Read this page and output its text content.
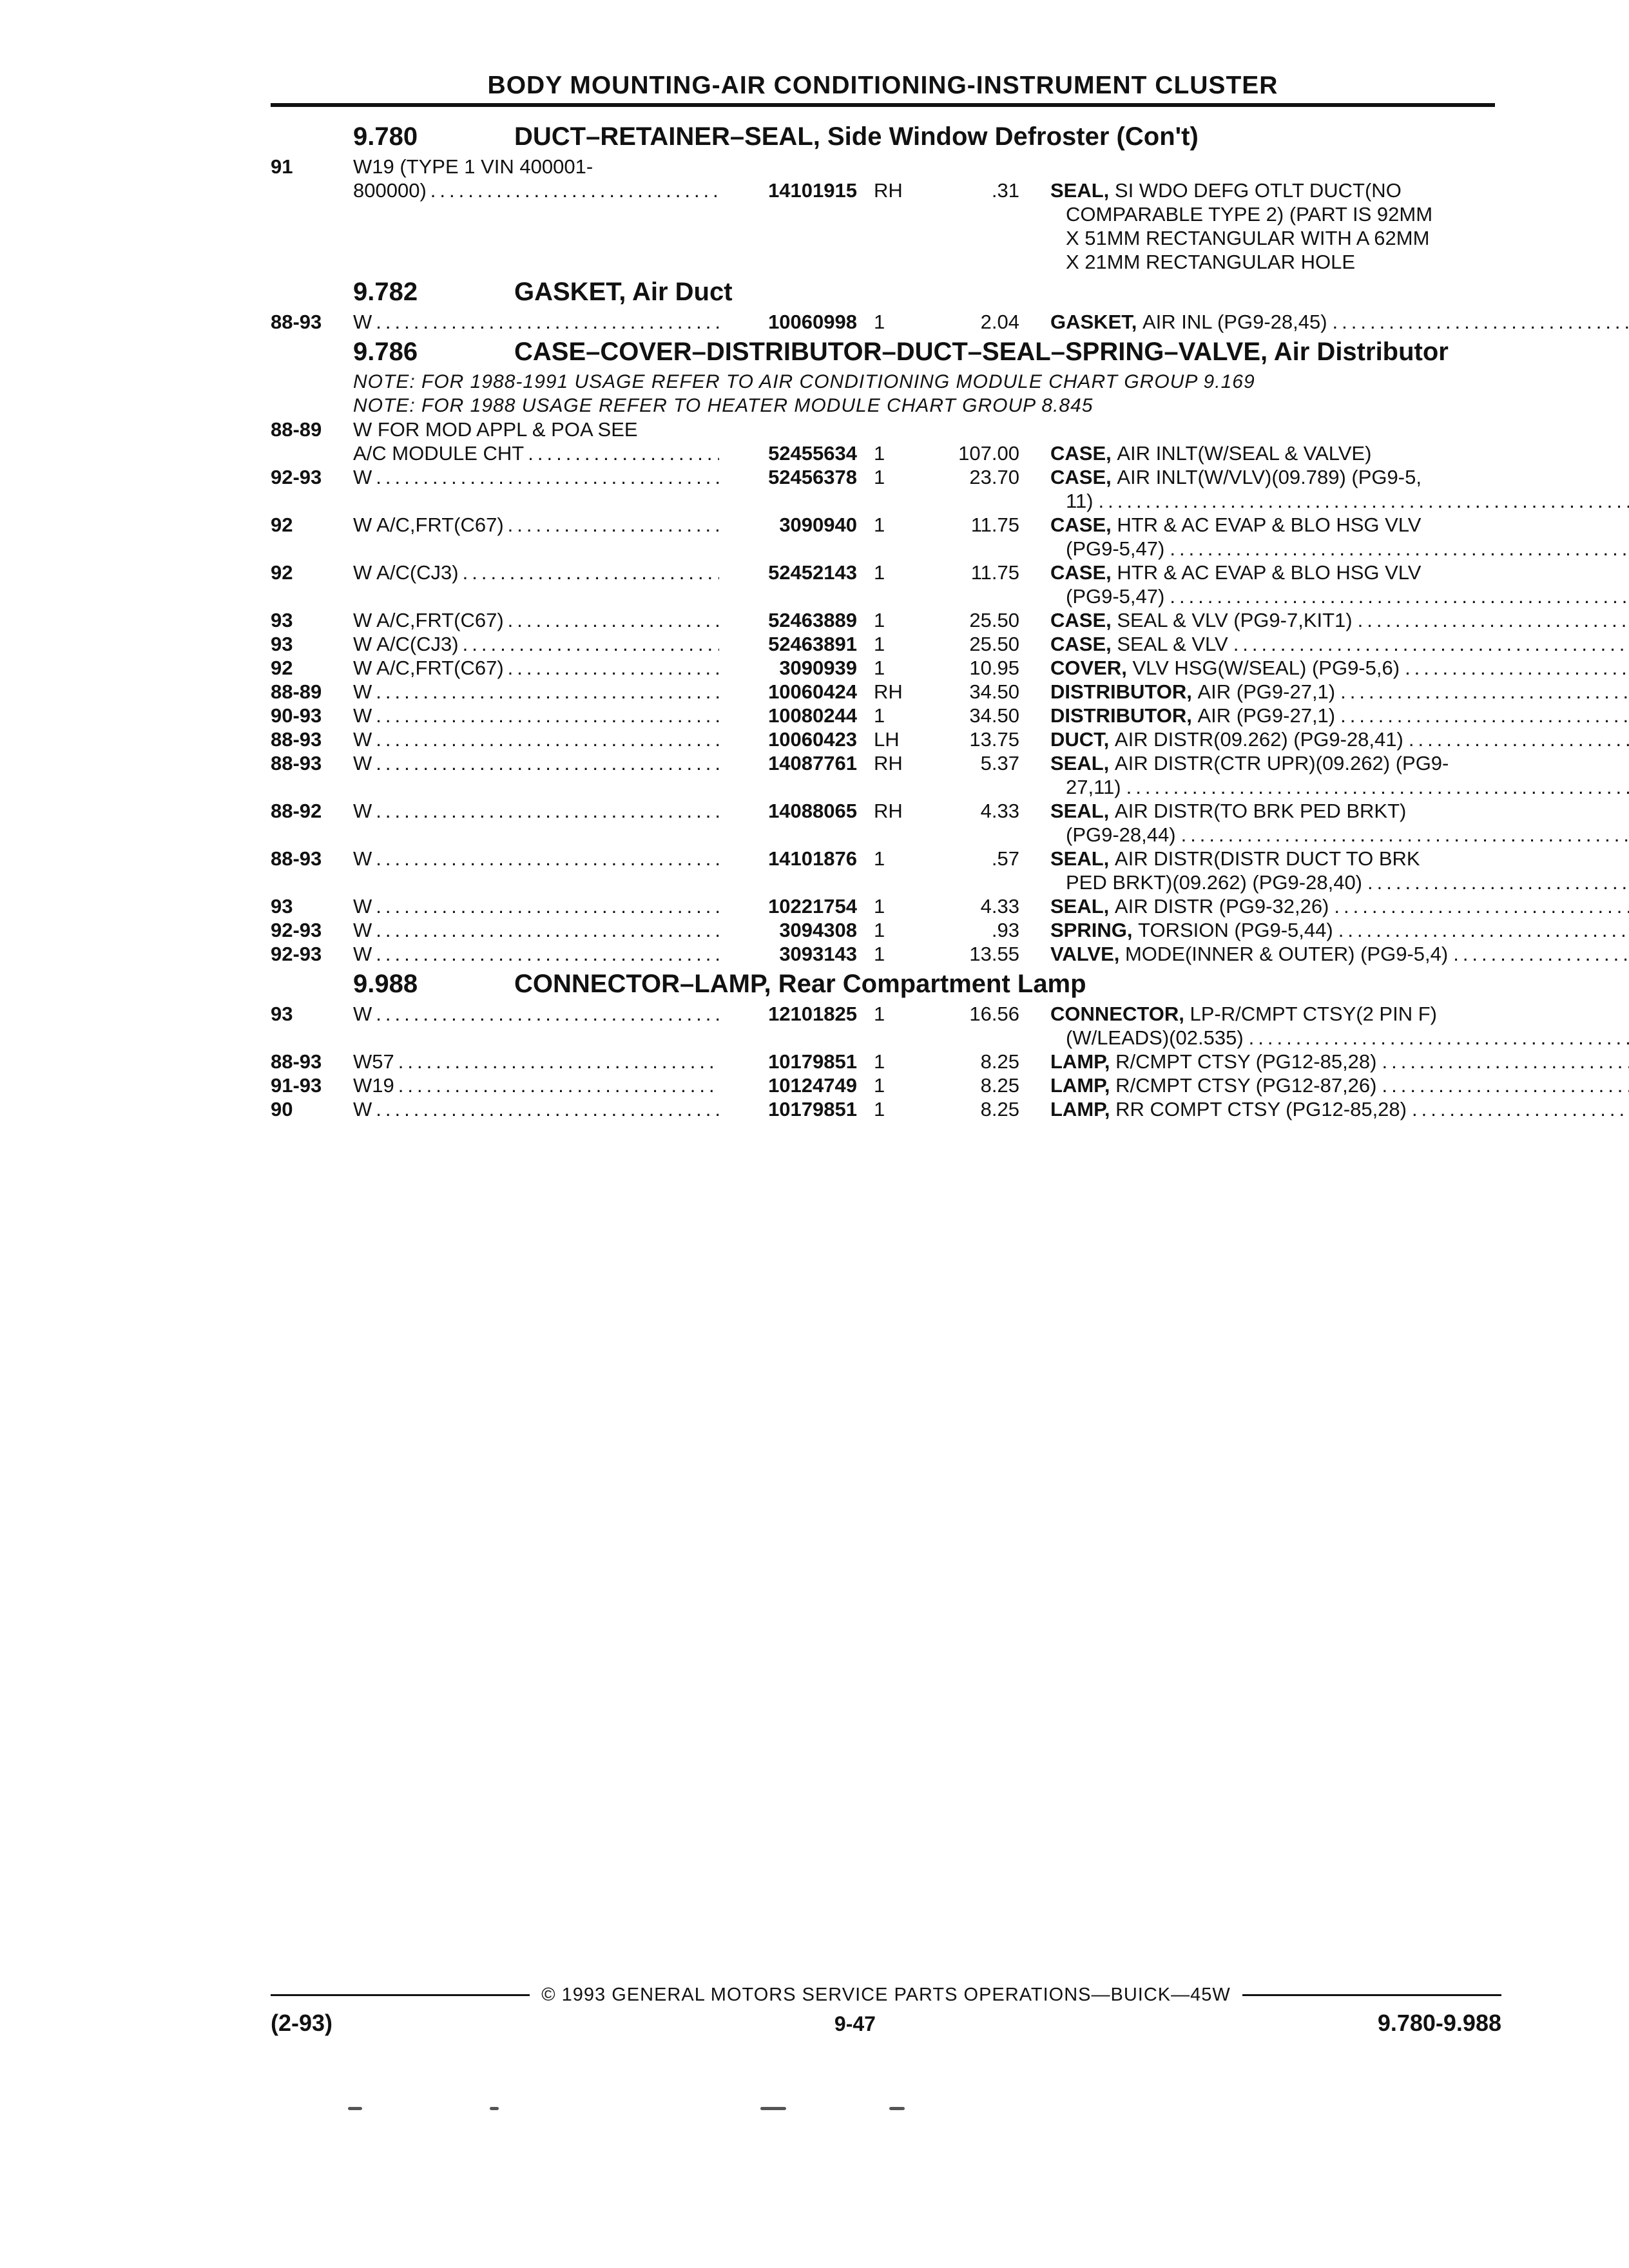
BODY MOUNTING-AIR CONDITIONING-INSTRUMENT CLUSTER
9.780	DUCT–RETAINER–SEAL, Side Window Defroster (Con't)
91	W19 (TYPE 1 VIN 400001-
800000) .....	14101915 RH	.31 SEAL, SI WDO DEFG OTLT DUCT(NO
COMPARABLE TYPE 2) (PART IS 92MM
X 51MM RECTANGULAR WITH A 62MM
X 21MM RECTANGULAR HOLE
9.782	GASKET, Air Duct
88-93	W .....	10060998 1	2.04 GASKET, AIR INL (PG9-28,45)
.....
9.786	CASE–COVER–DISTRIBUTOR–DUCT–SEAL–SPRING–VALVE, Air Distributor
NOTE: FOR 1988-1991 USAGE REFER TO AIR CONDITIONING MODULE CHART GROUP 9.169
NOTE: FOR 1988 USAGE REFER TO HEATER MODULE CHART GROUP 8.845
88-89	W FOR MOD APPL & POA SEE
A/C MODULE CHT .....	52455634 1	107.00 CASE, AIR INLT(W/SEAL & VALVE)
92-93	W .....	52456378 1	23.70 CASE, AIR INLT(W/VLV)(09.789) (PG9-5,
11)
.....
92	W A/C,FRT(C67) .....	3090940 1	11.75 CASE, HTR & AC EVAP & BLO HSG VLV
(PG9-5,47)
.....
92	W A/C(CJ3) .....	52452143 1	11.75 CASE, HTR & AC EVAP & BLO HSG VLV
(PG9-5,47)
.....
93	W A/C,FRT(C67) .....	52463889 1	25.50 CASE, SEAL & VLV (PG9-7,KIT1)
.....
93	W A/C(CJ3) .....	52463891 1	25.50 CASE, SEAL & VLV
.....
92	W A/C,FRT(C67) .....	3090939 1	10.95 COVER, VLV HSG(W/SEAL) (PG9-5,6)
.....
88-89	W .....	10060424 RH	34.50 DISTRIBUTOR, AIR (PG9-27,1)
.....
90-93	W .....	10080244 1	34.50 DISTRIBUTOR, AIR (PG9-27,1)
.....
88-93	W .....	10060423 LH	13.75 DUCT, AIR DISTR(09.262) (PG9-28,41)
.....
88-93	W .....	14087761 RH	5.37 SEAL, AIR DISTR(CTR UPR)(09.262) (PG9-
27,11)
.....
88-92	W .....	14088065 RH	4.33 SEAL, AIR DISTR(TO BRK PED BRKT)
(PG9-28,44)
.....
88-93	W .....	14101876 1	.57 SEAL, AIR DISTR(DISTR DUCT TO BRK
PED BRKT)(09.262) (PG9-28,40)
.....
93	W .....	10221754 1	4.33 SEAL, AIR DISTR (PG9-32,26)
.....
92-93	W .....	3094308 1	.93 SPRING, TORSION (PG9-5,44)
.....
92-93	W .....	3093143 1	13.55 VALVE, MODE(INNER & OUTER) (PG9-5,4)
.....
9.988	CONNECTOR–LAMP, Rear Compartment Lamp
93	W .....	12101825 1	16.56 CONNECTOR, LP-R/CMPT CTSY(2 PIN F)
(W/LEADS)(02.535)
.....
88-93	W57 .....	10179851 1	8.25 LAMP, R/CMPT CTSY (PG12-85,28)
.....
91-93	W19 .....	10124749 1	8.25 LAMP, R/CMPT CTSY (PG12-87,26)
.....
90	W .....	10179851 1	8.25 LAMP, RR COMPT CTSY (PG12-85,28)
.....
© 1993 GENERAL MOTORS SERVICE PARTS OPERATIONS—BUICK—45W
(2-93)	9-47	9.780-9.988
